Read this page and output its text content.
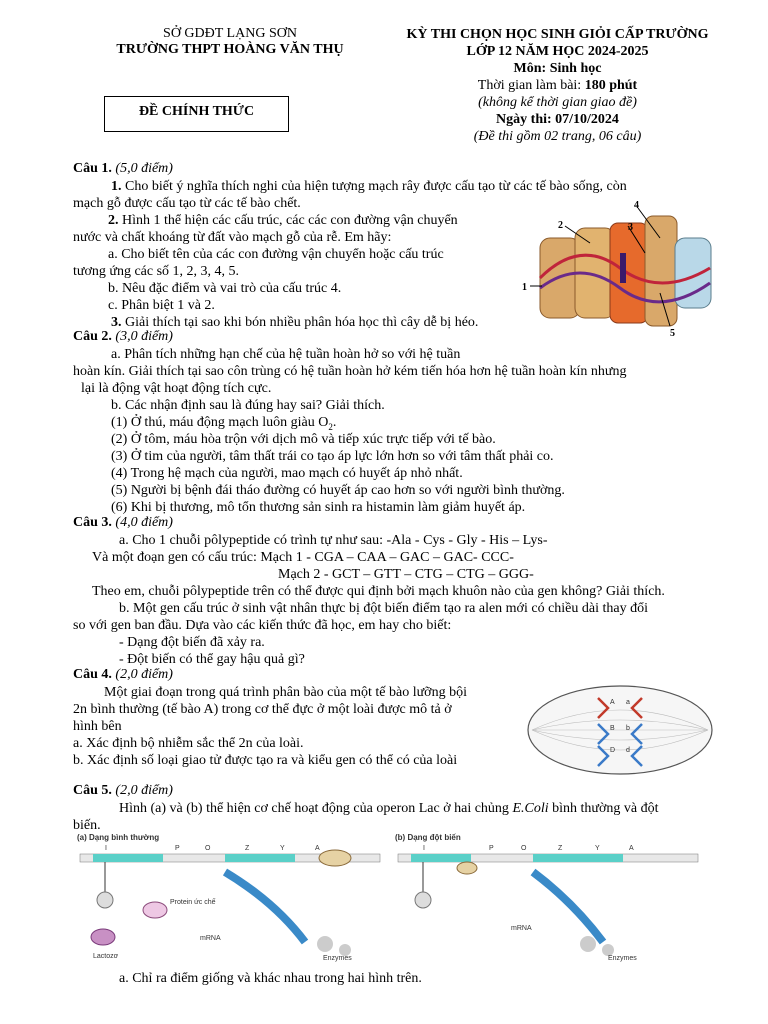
SỞ GDĐT LẠNG SƠN
TRƯỜNG THPT HOÀNG VĂN THỤ
ĐỀ CHÍNH THỨC
KỲ THI CHỌN HỌC SINH GIỎI CẤP TRƯỜNG
LỚP 12 NĂM HỌC 2024-2025
Môn: Sinh học
Thời gian làm bài: 180 phút
(không kể thời gian giao đề)
Ngày thi: 07/10/2024
(Đề thi gồm 02 trang, 06 câu)
Câu 1. (5,0 điểm)
1. Cho biết ý nghĩa thích nghi của hiện tượng mạch rây được cấu tạo từ các tế bào sống, còn
mạch gỗ được cấu tạo từ các tế bào chết.
2. Hình 1 thể hiện các cấu trúc, các các con đường vận chuyển
nước và chất khoáng từ đất vào mạch gỗ của rễ. Em hãy:
a. Cho biết tên của các con đường vận chuyển hoặc cấu trúc
tương ứng các số 1, 2, 3, 4, 5.
b. Nêu đặc điểm và vai trò của cấu trúc 4.
c. Phân biệt 1 và 2.
3. Giải thích tại sao khi bón nhiều phân hóa học thì cây dễ bị héo.
1
2	3
4
5
Câu 2. (3,0 điểm)
a. Phân tích những hạn chế của hệ tuần hoàn hở so với hệ tuần
hoàn kín. Giải thích tại sao côn trùng có hệ tuần hoàn hở kém tiến hóa hơn hệ tuần hoàn kín nhưng
lại là động vật hoạt động tích cực.
b. Các nhận định sau là đúng hay sai? Giải thích.
(1) Ở thú, máu động mạch luôn giàu $O_2$.
(2) Ở tôm, máu hòa trộn với dịch mô và tiếp xúc trực tiếp với tế bào.
(3) Ở tim của người, tâm thất trái co tạo áp lực lớn hơn so với tâm thất phải co.
(4) Trong hệ mạch của người, mao mạch có huyết áp nhỏ nhất.
(5) Người bị bệnh đái tháo đường có huyết áp cao hơn so với người bình thường.
(6) Khi bị thương, mô tổn thương sản sinh ra histamin làm giảm huyết áp.
Câu 3. (4,0 điểm)
a. Cho 1 chuỗi pôlypeptide có trình tự như sau: -Ala - Cys - Gly - His – Lys-
Và một đoạn gen có cấu trúc: Mạch 1 - CGA – CAA – GAC – GAC- CCC-
Mạch 2 - GCT – GTT – CTG – CTG – GGG-
Theo em, chuỗi pôlypeptide trên có thể được qui định bởi mạch khuôn nào của gen không? Giải thích.
b. Một gen cấu trúc ở sinh vật nhân thực bị đột biến điểm tạo ra alen mới có chiều dài thay đổi
so với gen ban đầu. Dựa vào các kiến thức đã học, em hay cho biết:
- Dạng đột biến đã xảy ra.
- Đột biến có thể gay hậu quả gì?
Câu 4. (2,0 điểm)
Một giai đoạn trong quá trình phân bào của một tế bào lưỡng bội
2n bình thường (tế bào A) trong cơ thể đực ở một loài được mô tả ở
hình bên
a. Xác định bộ nhiễm sắc thể 2n của loài.
b. Xác định số loại giao tử được tạo ra và kiểu gen có thể có của loài
A a
B b
D d
Câu 5. (2,0 điểm)
Hình (a) và (b) thể hiện cơ chế hoạt động của operon Lac ở hai chủng E.Coli bình thường và đột
biến.
(a) Dạng bình thường
I	P	O	Z	Y	A
Protein ức chế
Lactozơ
mRNA
Enzymes
(b) Dạng đột biến
I	P	O	Z	Y	A
mRNA
Enzymes
a. Chỉ ra điểm giống và khác nhau trong hai hình trên.
